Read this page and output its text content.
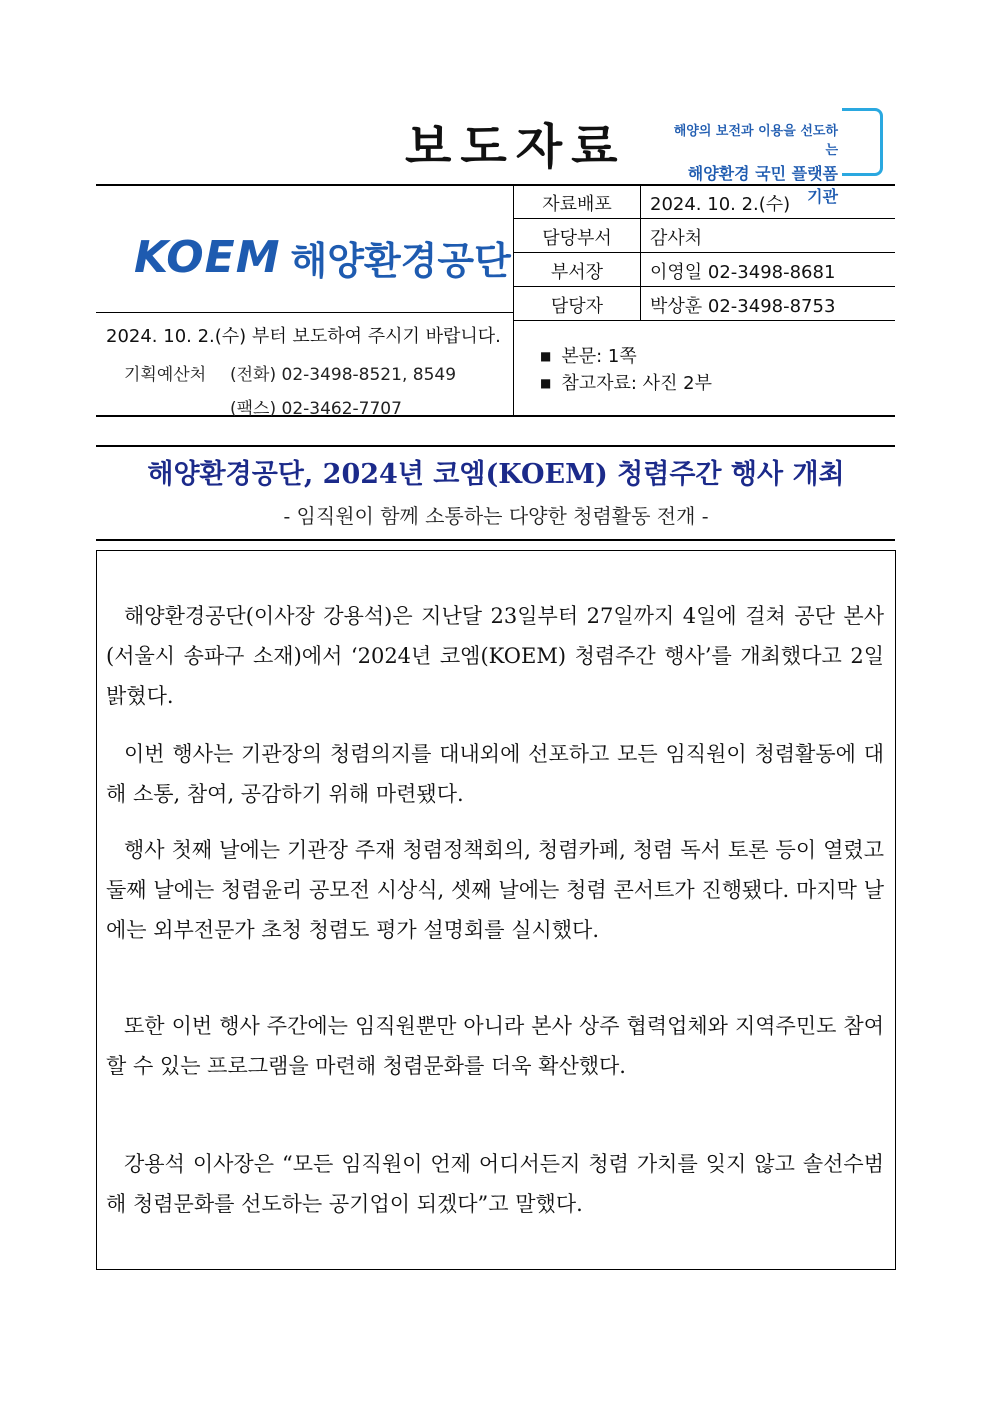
보도자료	해양의 보전과 이용을 선도하는
해양환경 국민 플랫폼 기관
KOEM 해양환경공단
2024. 10. 2.(수) 부터 보도하여 주시기 바랍니다.
기획예산처 (전화) 02-3498-8521, 8549
(팩스) 02-3462-7707
자료배포	2024. 10. 2.(수)
담당부서	감사처
부서장	이영일 02-3498-8681
담당자	박상훈 02-3498-8753
■ 본문: 1쪽
■ 참고자료: 사진 2부
해양환경공단, 2024년 코엠(KOEM) 청렴주간 행사 개최
- 임직원이 함께 소통하는 다양한 청렴활동 전개 -
해양환경공단(이사장 강용석)은 지난달 23일부터 27일까지 4일에 걸쳐 공단 본사(서울시 송파구 소재)에서 ‘2024년 코엠(KOEM) 청렴주간 행사’를 개최했다고 2일 밝혔다.
이번 행사는 기관장의 청렴의지를 대내외에 선포하고 모든 임직원이 청렴활동에 대해 소통, 참여, 공감하기 위해 마련됐다.
행사 첫째 날에는 기관장 주재 청렴정책회의, 청렴카페, 청렴 독서 토론 등이 열렸고 둘째 날에는 청렴윤리 공모전 시상식, 셋째 날에는 청렴 콘서트가 진행됐다. 마지막 날에는 외부전문가 초청 청렴도 평가 설명회를 실시했다.
또한 이번 행사 주간에는 임직원뿐만 아니라 본사 상주 협력업체와 지역주민도 참여할 수 있는 프로그램을 마련해 청렴문화를 더욱 확산했다.
강용석 이사장은 “모든 임직원이 언제 어디서든지 청렴 가치를 잊지 않고 솔선수범해 청렴문화를 선도하는 공기업이 되겠다”고 말했다.
